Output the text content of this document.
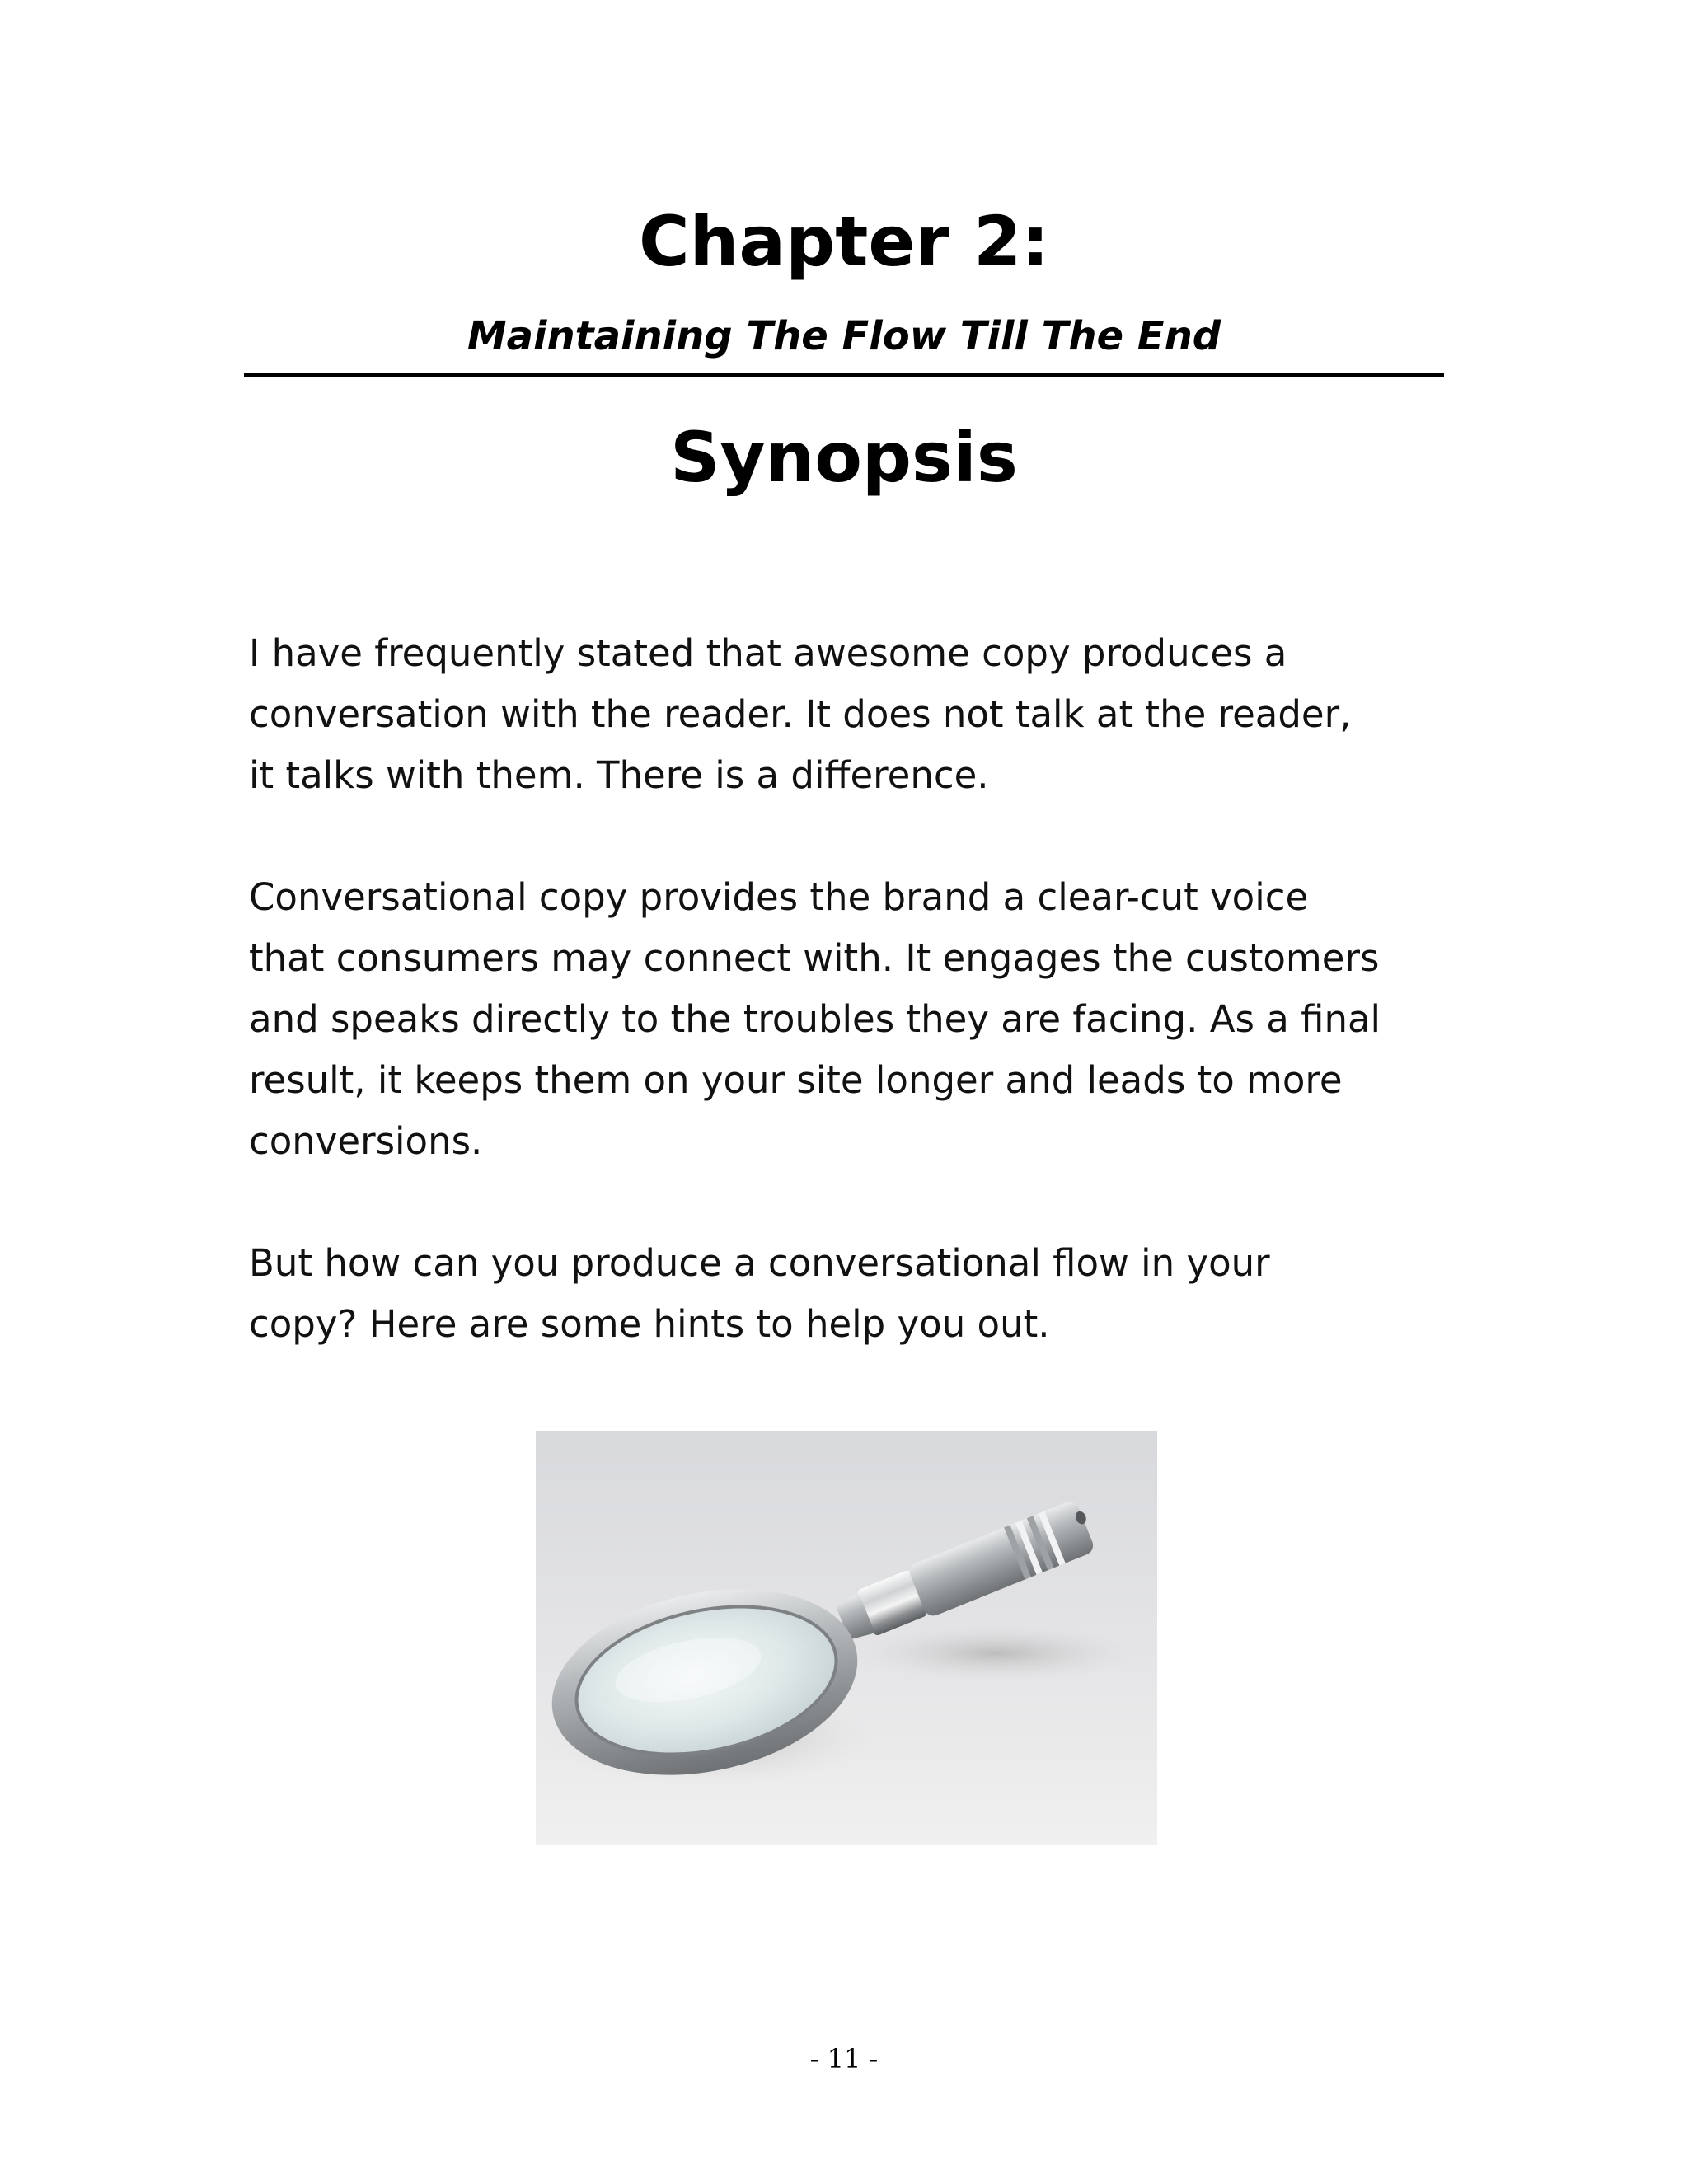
Chapter 2:
Maintaining The Flow Till The End
Synopsis

I have frequently stated that awesome copy produces a
conversation with the reader. It does not talk at the reader,
it talks with them. There is a difference.

Conversational copy provides the brand a clear-cut voice
that consumers may connect with. It engages the customers
and speaks directly to the troubles they are facing. As a final
result, it keeps them on your site longer and leads to more
conversions.

But how can you produce a conversational flow in your
copy? Here are some hints to help you out.

- 11 -
